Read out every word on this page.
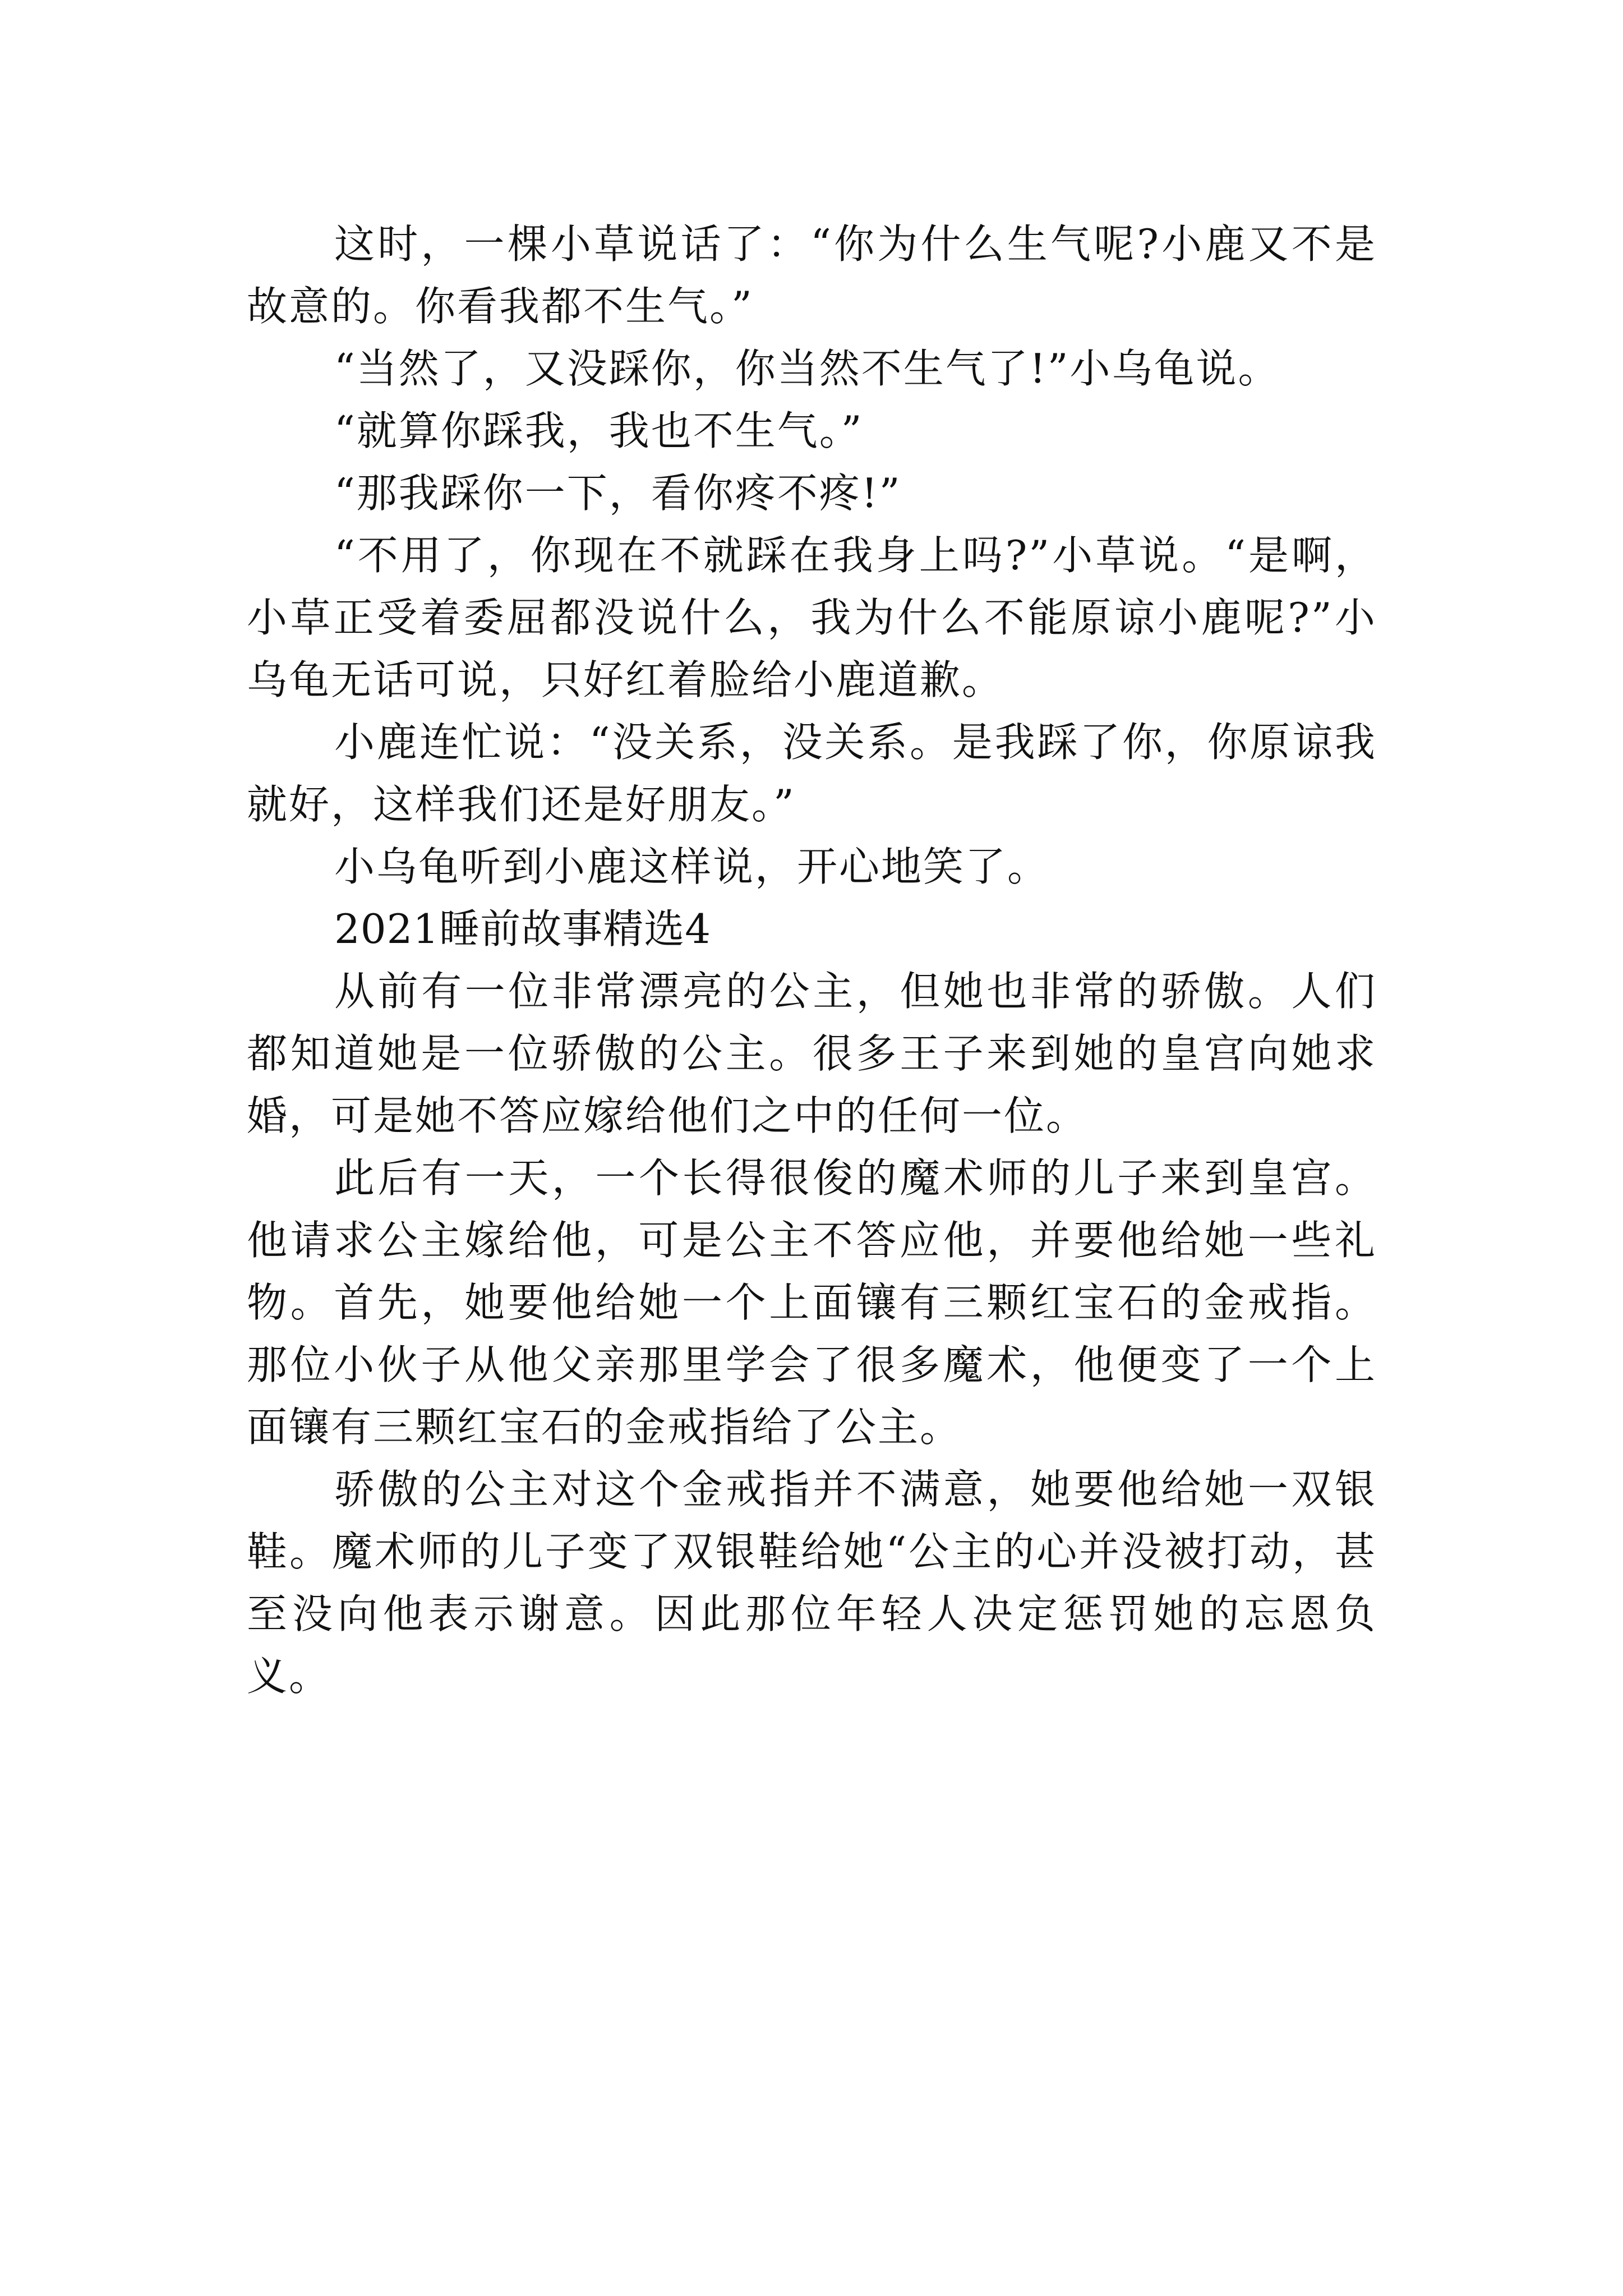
这时，一棵小草说话了：“你为什么生气呢?小鹿又不是故意的。你看我都不生气。”

“当然了，又没踩你，你当然不生气了!”小乌龟说。

“就算你踩我，我也不生气。”

“那我踩你一下，看你疼不疼!”

“不用了，你现在不就踩在我身上吗?”小草说。“是啊，小草正受着委屈都没说什么，我为什么不能原谅小鹿呢?”小乌龟无话可说，只好红着脸给小鹿道歉。

小鹿连忙说：“没关系，没关系。是我踩了你，你原谅我就好，这样我们还是好朋友。”

小乌龟听到小鹿这样说，开心地笑了。

2021睡前故事精选4

从前有一位非常漂亮的公主，但她也非常的骄傲。人们都知道她是一位骄傲的公主。很多王子来到她的皇宫向她求婚，可是她不答应嫁给他们之中的任何一位。

此后有一天，一个长得很俊的魔术师的儿子来到皇宫。他请求公主嫁给他，可是公主不答应他，并要他给她一些礼物。首先，她要他给她一个上面镶有三颗红宝石的金戒指。那位小伙子从他父亲那里学会了很多魔术，他便变了一个上面镶有三颗红宝石的金戒指给了公主。

骄傲的公主对这个金戒指并不满意，她要他给她一双银鞋。魔术师的儿子变了双银鞋给她“公主的心并没被打动，甚至没向他表示谢意。因此那位年轻人决定惩罚她的忘恩负义。
